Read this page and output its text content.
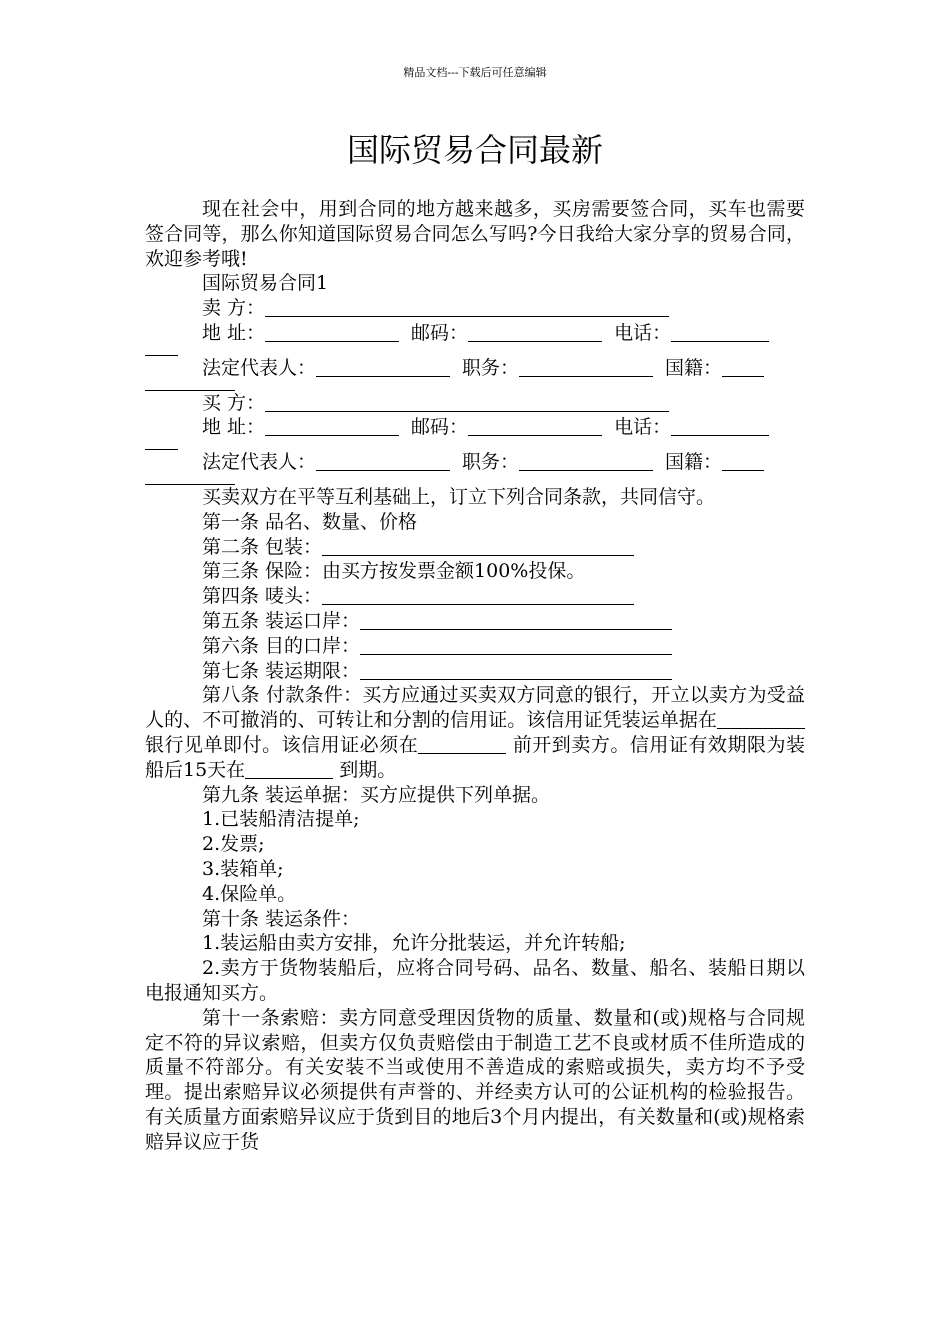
精品文档---下载后可任意编辑
国际贸易合同最新

现在社会中，用到合同的地方越来越多，买房需要签合同，买车也需要签合同等，那么你知道国际贸易合同怎么写吗?今日我给大家分享的贸易合同，欢迎参考哦!

国际贸易合同1

卖 方：

地 址：	邮码：	电话：

法定代表人：	职务：	国籍：

买 方：

地 址：	邮码：	电话：

法定代表人：	职务：	国籍：

买卖双方在平等互利基础上，订立下列合同条款，共同信守。

第一条 品名、数量、价格

第二条 包装：

第三条 保险：由买方按发票金额100%投保。

第四条 唛头：

第五条 装运口岸：

第六条 目的口岸：

第七条 装运期限：

第八条 付款条件：买方应通过买卖双方同意的银行，开立以卖方为受益人的、不可撤消的、可转让和分割的信用证。该信用证凭装运单据在银行见单即付。该信用证必须在	前开到卖方。信用证有效期限为装船后15天在	到期。

第九条 装运单据：买方应提供下列单据。

1.已装船清洁提单;

2.发票;

3.装箱单;

4.保险单。

第十条 装运条件：

1.装运船由卖方安排，允许分批装运，并允许转船;

2.卖方于货物装船后，应将合同号码、品名、数量、船名、装船日期以电报通知买方。

第十一条索赔：卖方同意受理因货物的质量、数量和(或)规格与合同规定不符的异议索赔，但卖方仅负责赔偿由于制造工艺不良或材质不佳所造成的质量不符部分。有关安装不当或使用不善造成的索赔或损失，卖方均不予受理。提出索赔异议必须提供有声誉的、并经卖方认可的公证机构的检验报告。有关质量方面索赔异议应于货到目的地后3个月内提出，有关数量和(或)规格索赔异议应于货
